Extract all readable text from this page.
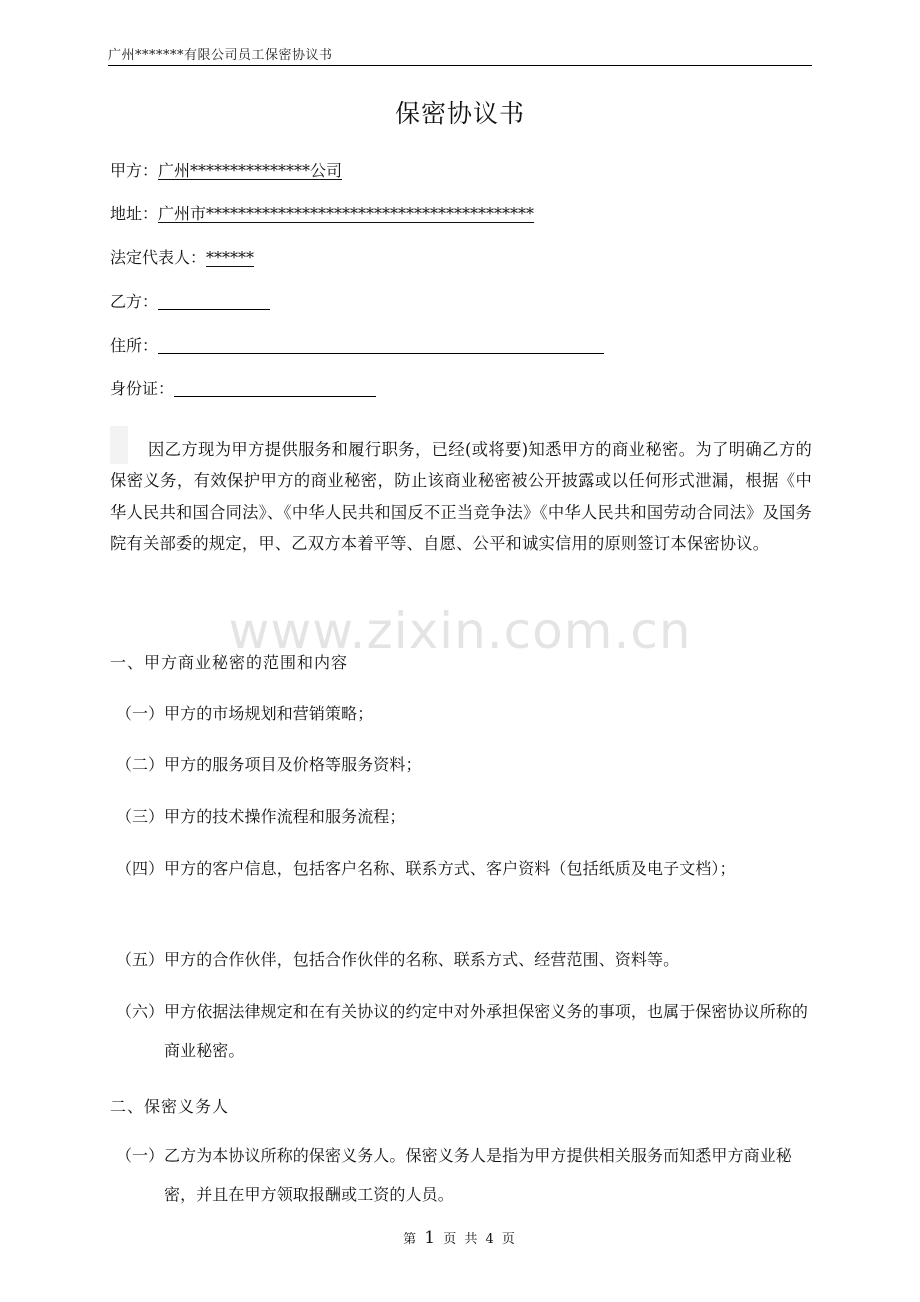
广州*******有限公司员工保密协议书
保密协议书
甲方：广州***************公司
地址：广州市*****************************************
法定代表人：******
乙方：
住所：
身份证：
因乙方现为甲方提供服务和履行职务，已经(或将要)知悉甲方的商业秘密。为了明确乙方的保密义务，有效保护甲方的商业秘密，防止该商业秘密被公开披露或以任何形式泄漏，根据《中华人民共和国合同法》、《中华人民共和国反不正当竞争法》《中华人民共和国劳动合同法》及国务院有关部委的规定，甲、乙双方本着平等、自愿、公平和诚实信用的原则签订本保密协议。
www.zixin.com.cn
一、甲方商业秘密的范围和内容
（一） 甲方的市场规划和营销策略；
（二） 甲方的服务项目及价格等服务资料；
（三） 甲方的技术操作流程和服务流程；
（四） 甲方的客户信息，包括客户名称、联系方式、客户资料（包括纸质及电子文档）；
（五） 甲方的合作伙伴，包括合作伙伴的名称、联系方式、经营范围、资料等。
（六） 甲方依据法律规定和在有关协议的约定中对外承担保密义务的事项，也属于保密协议所称的商业秘密。
二、保密义务人
（一） 乙方为本协议所称的保密义务人。保密义务人是指为甲方提供相关服务而知悉甲方商业秘密，并且在甲方领取报酬或工资的人员。
第 1 页 共 4 页
